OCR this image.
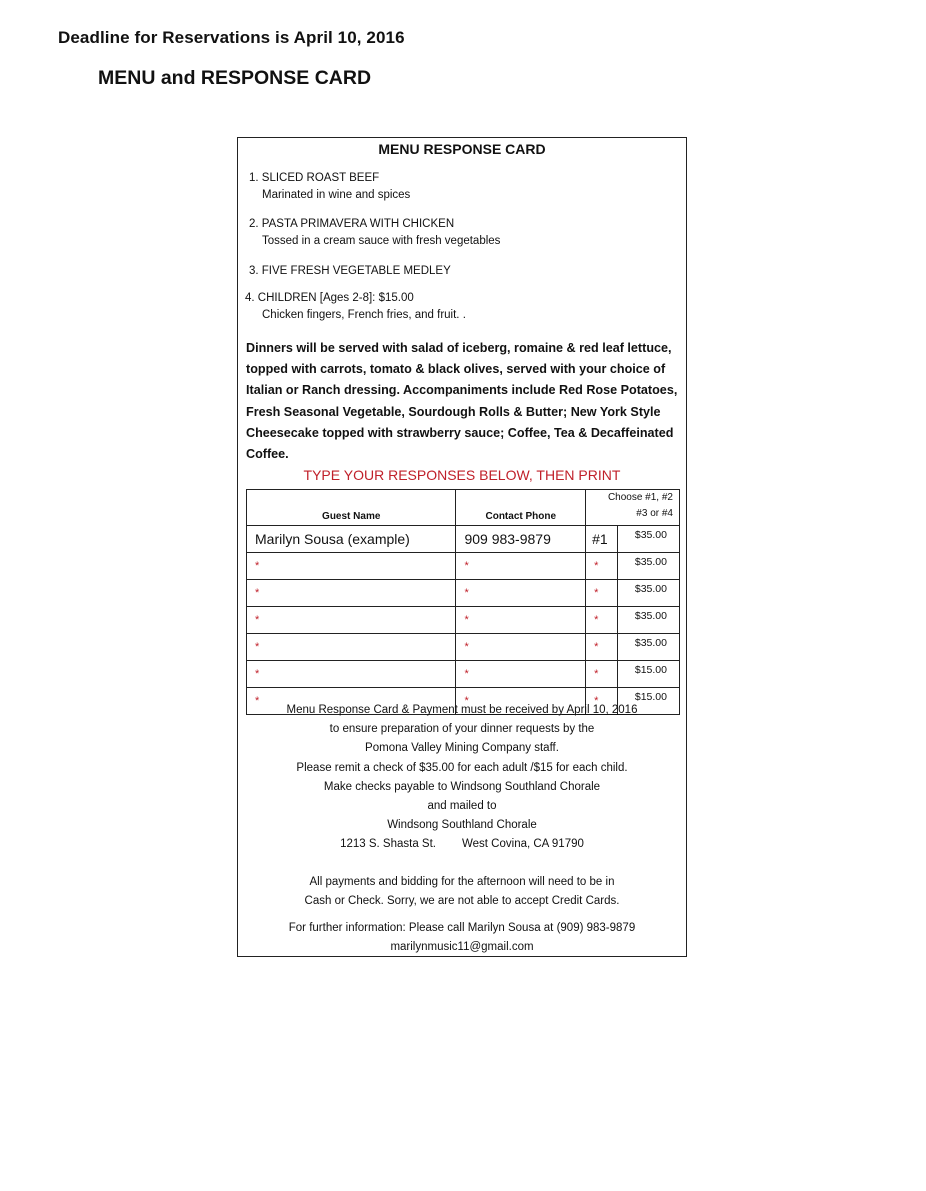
Deadline for Reservations is April 10, 2016
MENU and RESPONSE CARD
MENU RESPONSE CARD
1. SLICED ROAST BEEF
Marinated in wine and spices
2. PASTA PRIMAVERA WITH CHICKEN
Tossed in a cream sauce with fresh vegetables
3. FIVE FRESH VEGETABLE MEDLEY
4. CHILDREN [Ages 2-8]: $15.00
Chicken fingers, French fries, and fruit. .
Dinners will be served with salad of iceberg, romaine & red leaf lettuce, topped with carrots, tomato & black olives, served with your choice of Italian or Ranch dressing. Accompaniments include Red Rose Potatoes, Fresh Seasonal Vegetable, Sourdough Rolls & Butter; New York Style Cheesecake topped with strawberry sauce; Coffee, Tea & Decaffeinated Coffee.
TYPE YOUR RESPONSES BELOW, THEN PRINT
Guest Name	Contact Phone	Choose #1, #2
#3 or #4	
Marilyn Sousa (example)	909 983-9879	#1	$35.00
*	*	*	$35.00
*	*	*	$35.00
*	*	*	$35.00
*	*	*	$35.00
*	*	*	$15.00
*	*	*	$15.00

Menu Response Card & Payment must be received by April 10, 2016

to ensure preparation of your dinner requests by the

Pomona Valley Mining Company staff.

Please remit a check of $35.00 for each adult /$15 for each child.

Make checks payable to Windsong Southland Chorale

and mailed to

Windsong Southland Chorale

1213 S. Shasta St. West Covina, CA 91790

All payments and bidding for the afternoon will need to be in

Cash or Check. Sorry, we are not able to accept Credit Cards.

For further information: Please call Marilyn Sousa at (909) 983-9879

marilynmusic11@gmail.com
